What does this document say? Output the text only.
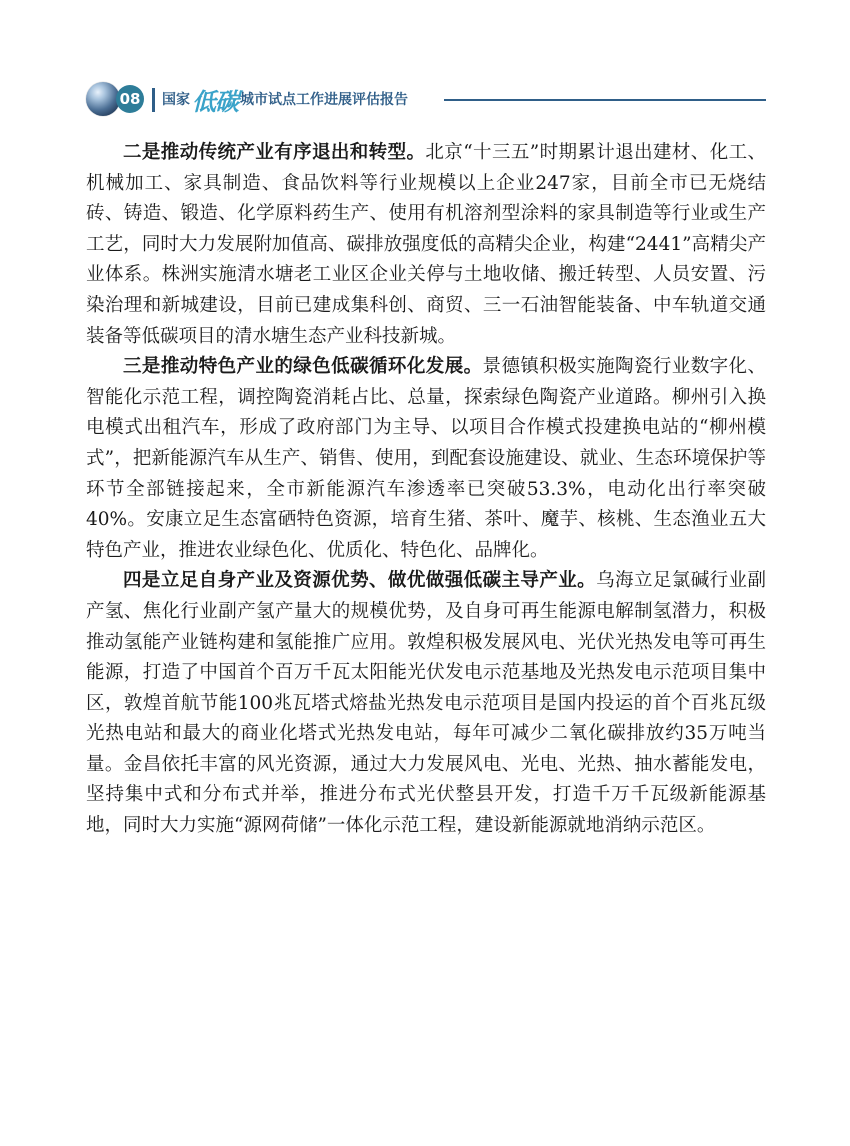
08 国家 低碳 城市试点工作进展评估报告

二是推动传统产业有序退出和转型。北京“十三五”时期累计退出建材、化工、机械加工、家具制造、食品饮料等行业规模以上企业247家，目前全市已无烧结砖、铸造、锻造、化学原料药生产、使用有机溶剂型涂料的家具制造等行业或生产工艺，同时大力发展附加值高、碳排放强度低的高精尖企业，构建“2441”高精尖产业体系。株洲实施清水塘老工业区企业关停与土地收储、搬迁转型、人员安置、污染治理和新城建设，目前已建成集科创、商贸、三一石油智能装备、中车轨道交通装备等低碳项目的清水塘生态产业科技新城。

三是推动特色产业的绿色低碳循环化发展。景德镇积极实施陶瓷行业数字化、智能化示范工程，调控陶瓷消耗占比、总量，探索绿色陶瓷产业道路。柳州引入换电模式出租汽车，形成了政府部门为主导、以项目合作模式投建换电站的“柳州模式”，把新能源汽车从生产、销售、使用，到配套设施建设、就业、生态环境保护等环节全部链接起来，全市新能源汽车渗透率已突破53.3%，电动化出行率突破40%。安康立足生态富硒特色资源，培育生猪、茶叶、魔芋、核桃、生态渔业五大特色产业，推进农业绿色化、优质化、特色化、品牌化。

四是立足自身产业及资源优势、做优做强低碳主导产业。乌海立足氯碱行业副产氢、焦化行业副产氢产量大的规模优势，及自身可再生能源电解制氢潜力，积极推动氢能产业链构建和氢能推广应用。敦煌积极发展风电、光伏光热发电等可再生能源，打造了中国首个百万千瓦太阳能光伏发电示范基地及光热发电示范项目集中区，敦煌首航节能100兆瓦塔式熔盐光热发电示范项目是国内投运的首个百兆瓦级光热电站和最大的商业化塔式光热发电站，每年可减少二氧化碳排放约35万吨当量。金昌依托丰富的风光资源，通过大力发展风电、光电、光热、抽水蓄能发电，坚持集中式和分布式并举，推进分布式光伏整县开发，打造千万千瓦级新能源基地，同时大力实施“源网荷储”一体化示范工程，建设新能源就地消纳示范区。
